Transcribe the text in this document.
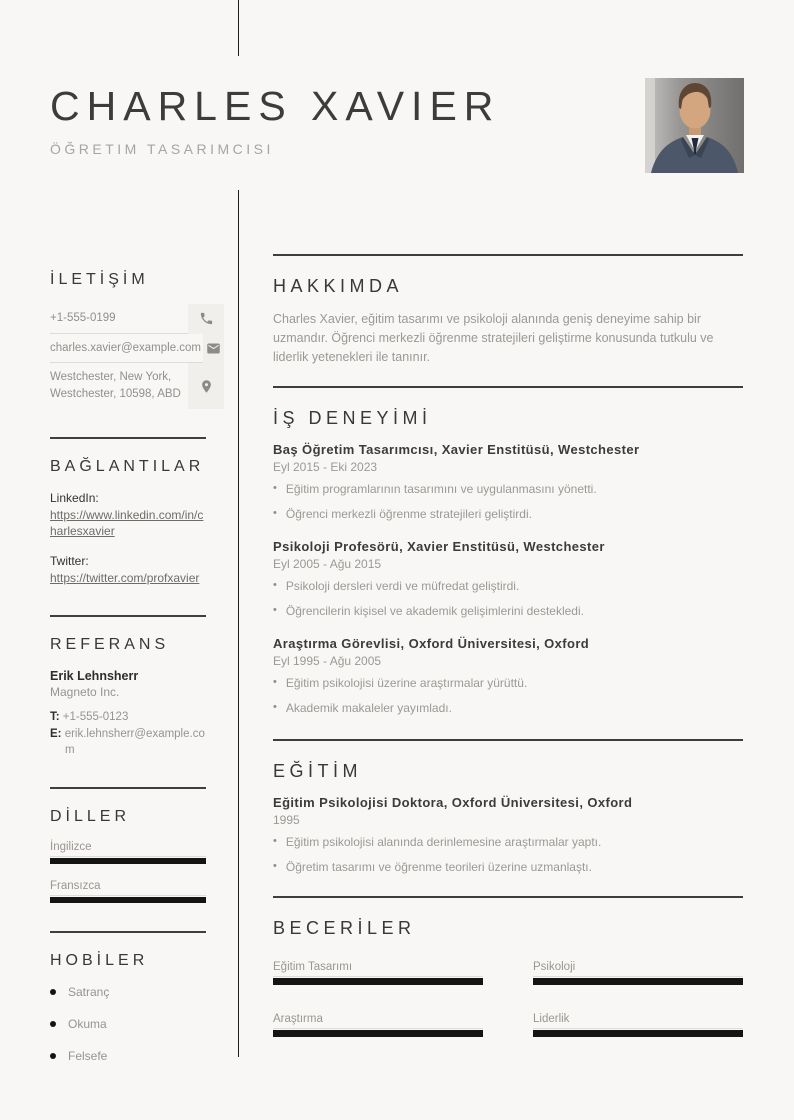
CHARLES XAVIER
ÖĞRETIM TASARIMCISI
İLETİŞİM
+1-555-0199
charles.xavier@example.com
Westchester, New York,
Westchester, 10598, ABD
BAĞLANTILAR
LinkedIn:
https://www.linkedin.com/in/charlesxavier
Twitter:
https://twitter.com/profxavier
REFERANS
Erik Lehnsherr
Magneto Inc.
T: +1-555-0123
E: erik.lehnsherr@example.com
DİLLER
İngilizce
Fransızca
HOBİLER
Satranç
Okuma
Felsefe
HAKKIMDA

Charles Xavier, eğitim tasarımı ve psikoloji alanında geniş deneyime sahip bir uzmandır. Öğrenci merkezli öğrenme stratejileri geliştirme konusunda tutkulu ve liderlik yetenekleri ile tanınır.

İŞ DENEYİMİ
Baş Öğretim Tasarımcısı, Xavier Enstitüsü, Westchester
Eyl 2015 - Eki 2023
• Eğitim programlarının tasarımını ve uygulanmasını yönetti.
• Öğrenci merkezli öğrenme stratejileri geliştirdi.
Psikoloji Profesörü, Xavier Enstitüsü, Westchester
Eyl 2005 - Ağu 2015
• Psikoloji dersleri verdi ve müfredat geliştirdi.
• Öğrencilerin kişisel ve akademik gelişimlerini destekledi.
Araştırma Görevlisi, Oxford Üniversitesi, Oxford
Eyl 1995 - Ağu 2005
• Eğitim psikolojisi üzerine araştırmalar yürüttü.
• Akademik makaleler yayımladı.
EĞİTİM
Eğitim Psikolojisi Doktora, Oxford Üniversitesi, Oxford
1995
• Eğitim psikolojisi alanında derinlemesine araştırmalar yaptı.
• Öğretim tasarımı ve öğrenme teorileri üzerine uzmanlaştı.
BECERİLER
Eğitim Tasarımı	Psikoloji
Araştırma	Liderlik
